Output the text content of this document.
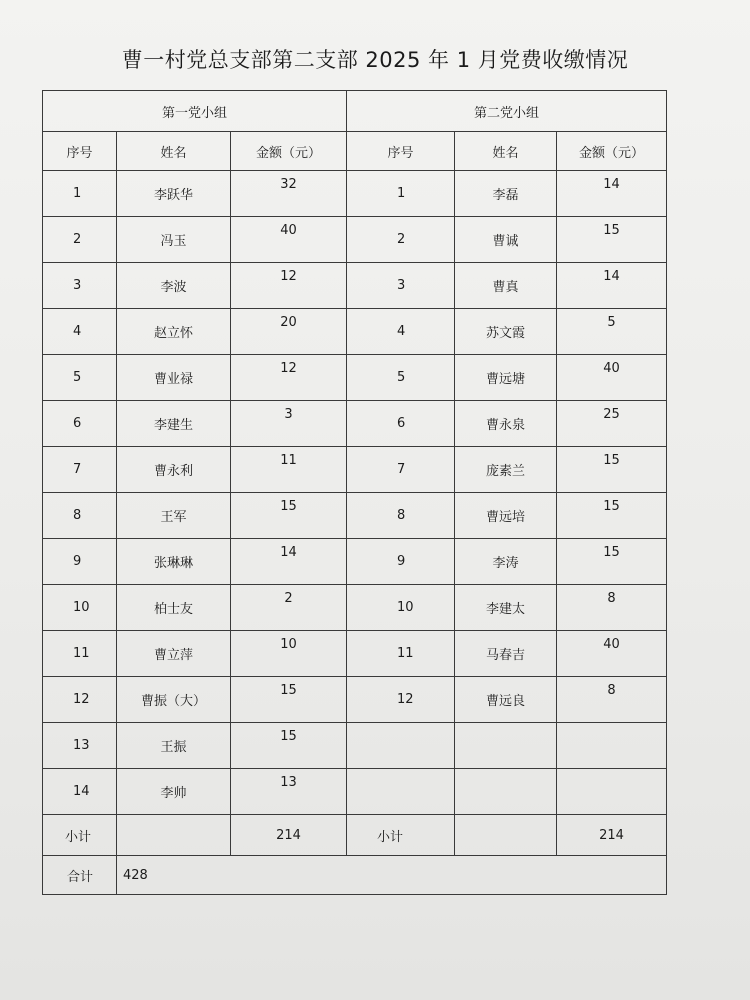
曹一村党总支部第二支部 2025 年 1 月党费收缴情况
第一党小组			第二党小组		
序号	姓名	金额（元）	序号	姓名	金额（元）
1	李跃华	32	1	李磊	14
2	冯玉	40	2	曹诚	15
3	李波	12	3	曹真	14
4	赵立怀	20	4	苏文霞	5
5	曹业禄	12	5	曹远塘	40
6	李建生	3	6	曹永泉	25
7	曹永利	11	7	庞素兰	15
8	王军	15	8	曹远培	15
9	张琳琳	14	9	李涛	15
10	柏士友	2	10	李建太	8
11	曹立萍	10	11	马春吉	40
12	曹振（大）	15	12	曹远良	8
13	王振	15			
14	李帅	13			
小计		214	小计		214
合计	428				
